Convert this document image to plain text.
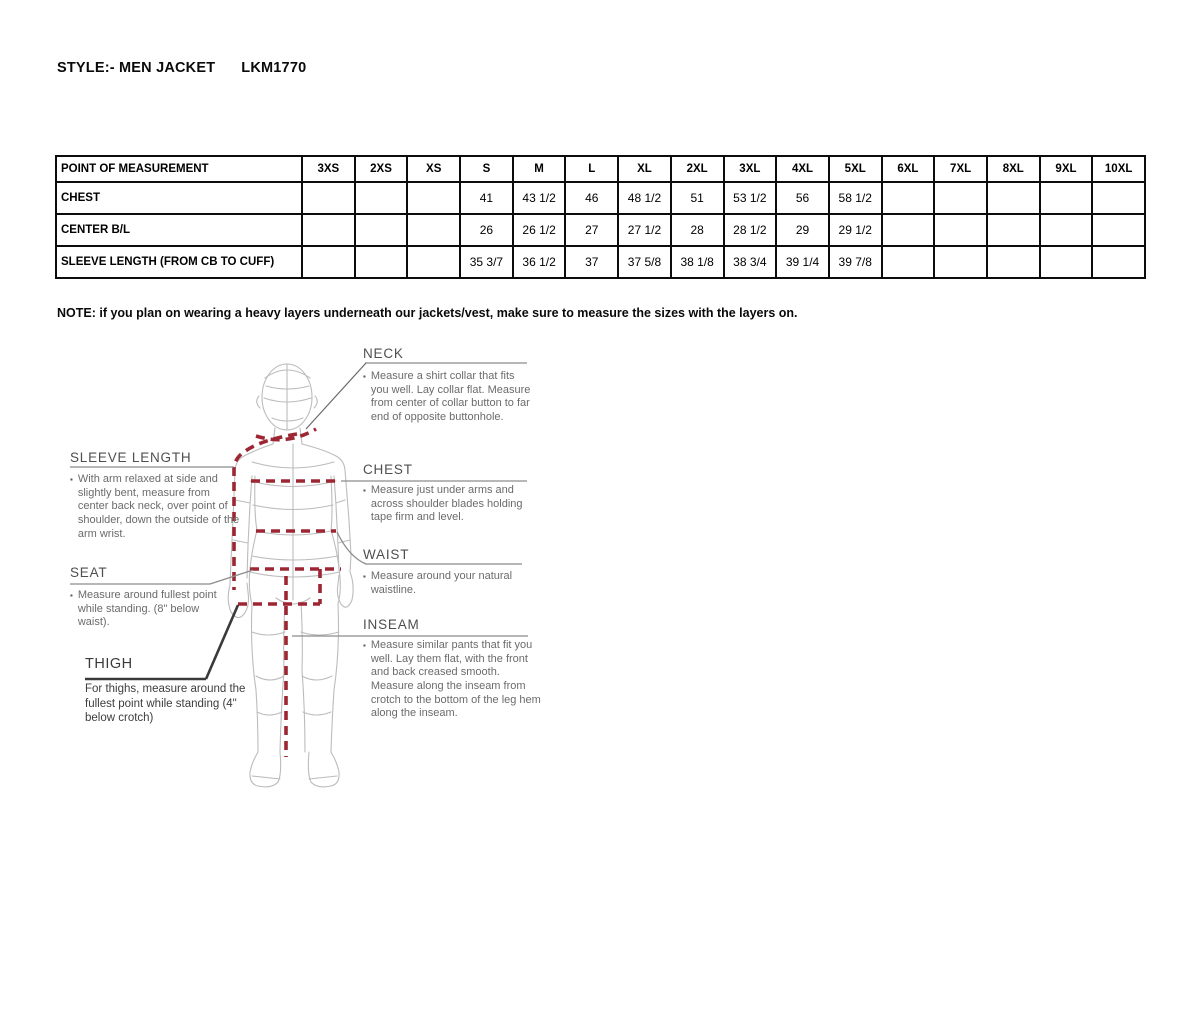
STYLE:- MEN JACKET LKM1770
POINT OF MEASUREMENT	3XS	2XS	XS	S	M	L	XL	2XL	3XL	4XL	5XL	6XL	7XL	8XL	9XL	10XL
CHEST				41	43 1/2	46	48 1/2	51	53 1/2	56	58 1/2					
CENTER B/L				26	26 1/2	27	27 1/2	28	28 1/2	29	29 1/2					
SLEEVE LENGTH (FROM CB TO CUFF)				35 3/7	36 1/2	37	37 5/8	38 1/8	38 3/4	39 1/4	39 7/8					
NOTE: if you plan on wearing a heavy layers underneath our jackets/vest, make sure to measure the sizes with the layers on.
NECK
▪ Measure a shirt collar that fits you well. Lay collar flat. Measure from center of collar button to far end of opposite buttonhole.
CHEST
▪ Measure just under arms and across shoulder blades holding tape firm and level.
WAIST
▪ Measure around your natural waistline.
INSEAM
▪ Measure similar pants that fit you well. Lay them flat, with the front and back creased smooth. Measure along the inseam from crotch to the bottom of the leg hem along the inseam.
SLEEVE LENGTH
▪ With arm relaxed at side and slightly bent, measure from center back neck, over point of shoulder, down the outside of the arm wrist.
SEAT
▪ Measure around fullest point while standing. (8" below waist).
THIGH
For thighs, measure around the fullest point while standing (4" below crotch)
